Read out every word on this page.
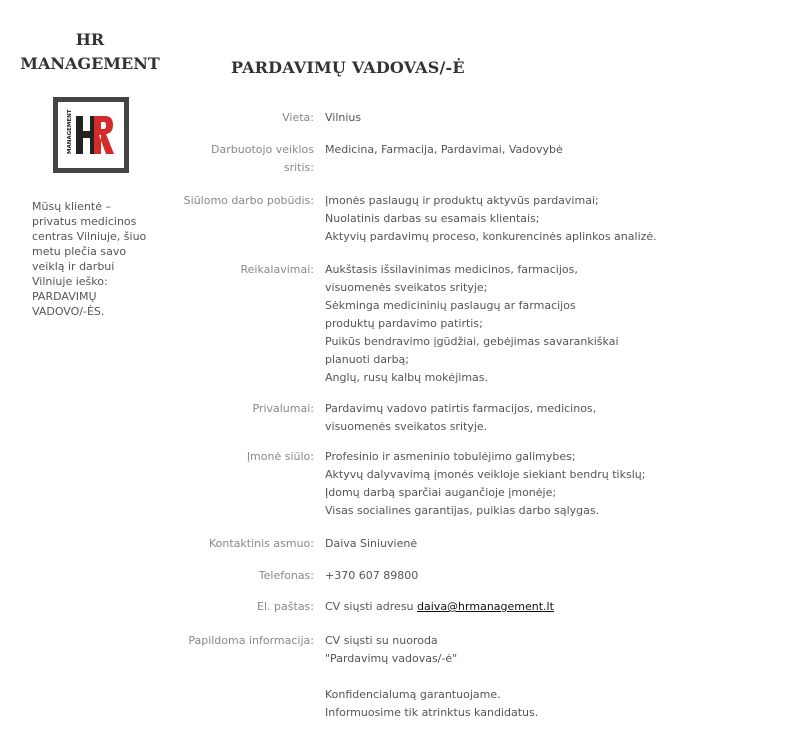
HR
MANAGEMENT
MANAGEMENT
Mūsų klientė –
privatus medicinos
centras Vilniuje, šiuo
metu plečia savo
veiklą ir darbui
Vilniuje ieško:
PARDAVIMŲ
VADOVO/-ĖS.
PARDAVIMŲ VADOVAS/-Ė
Vieta: Vilnius
Darbuotojo veiklos
sritis:
Medicina, Farmacija, Pardavimai, Vadovybė
Siūlomo darbo pobūdis: Įmonės paslaugų ir produktų aktyvūs pardavimai;
Nuolatinis darbas su esamais klientais;
Aktyvių pardavimų proceso, konkurencinės aplinkos analizė.
Reikalavimai: Aukštasis išsilavinimas medicinos, farmacijos,
visuomenės sveikatos srityje;
Sėkminga medicininių paslaugų ar farmacijos
produktų pardavimo patirtis;
Puikūs bendravimo įgūdžiai, gebėjimas savarankiškai
planuoti darbą;
Anglų, rusų kalbų mokėjimas.
Privalumai: Pardavimų vadovo patirtis farmacijos, medicinos,
visuomenės sveikatos srityje.
Įmonė siūlo: Profesinio ir asmeninio tobulėjimo galimybes;
Aktyvų dalyvavimą įmonės veikloje siekiant bendrų tikslų;
Įdomų darbą sparčiai augančioje įmonėje;
Visas socialines garantijas, puikias darbo sąlygas.
Kontaktinis asmuo: Daiva Siniuvienė
Telefonas: +370 607 89800
El. paštas: CV siųsti adresu daiva@hrmanagement.lt
Papildoma informacija: CV siųsti su nuoroda
"Pardavimų vadovas/-ė"
Konfidencialumą garantuojame.
Informuosime tik atrinktus kandidatus.
